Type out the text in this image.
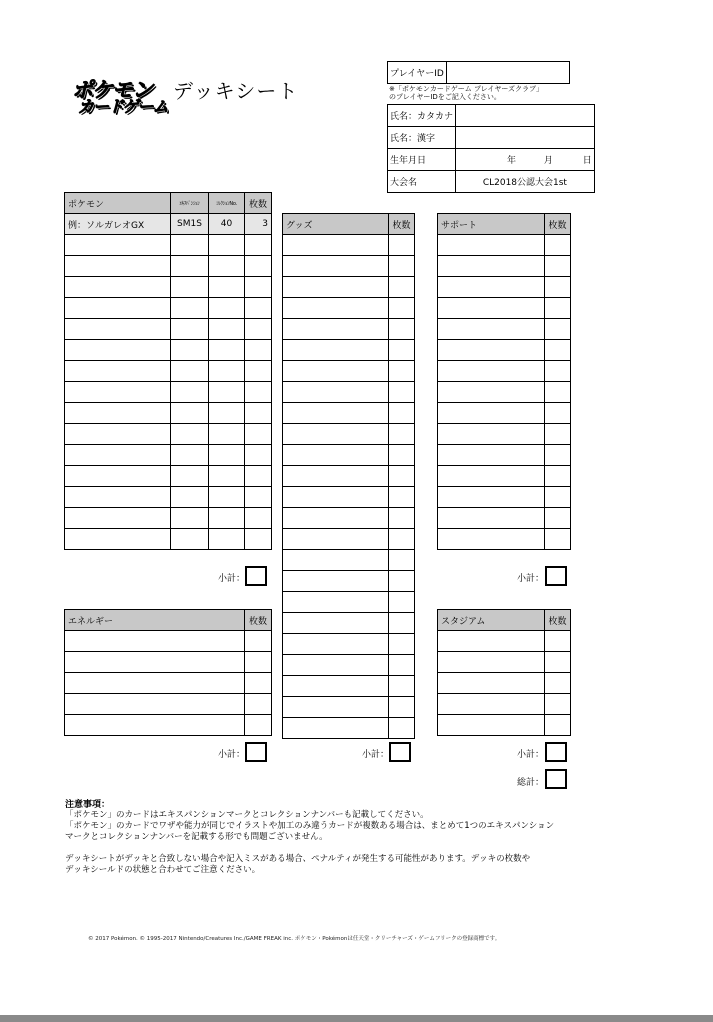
ポケモン
カードゲーム
デッキシート
プレイヤーID	
※「ポケモンカードゲーム プレイヤーズクラブ」
のプレイヤーIDをご記入ください。
氏名：カタカナ	
氏名：漢字	
生年月日	年 月 日
大会名	CL2018公認大会1st
ポケモン	ｴｷｽﾊﾟﾝｼｮﾝ	ｺﾚｸｼｮﾝNo.	枚数
例：ソルガレオGX	SM1S	40	3

小計：
エネルギー	枚数

小計：
グッズ	枚数

小計：
サポート	枚数

小計：
スタジアム	枚数

小計：
総計：
注意事項：

「ポケモン」のカードはエキスパンションマークとコレクションナンバーも記載してください。

「ポケモン」のカードでワザや能力が同じでイラストや加工のみ違うカードが複数ある場合は、まとめて1つのエキスパンション

マークとコレクションナンバーを記載する形でも問題ございません。

デッキシートがデッキと合致しない場合や記入ミスがある場合、ペナルティが発生する可能性があります。デッキの枚数や

デッキシールドの状態と合わせてご注意ください。

© 2017 Pokémon. © 1995-2017 Nintendo/Creatures Inc./GAME FREAK inc. ポケモン・Pokémonは任天堂・クリーチャーズ・ゲームフリークの登録商標です。
